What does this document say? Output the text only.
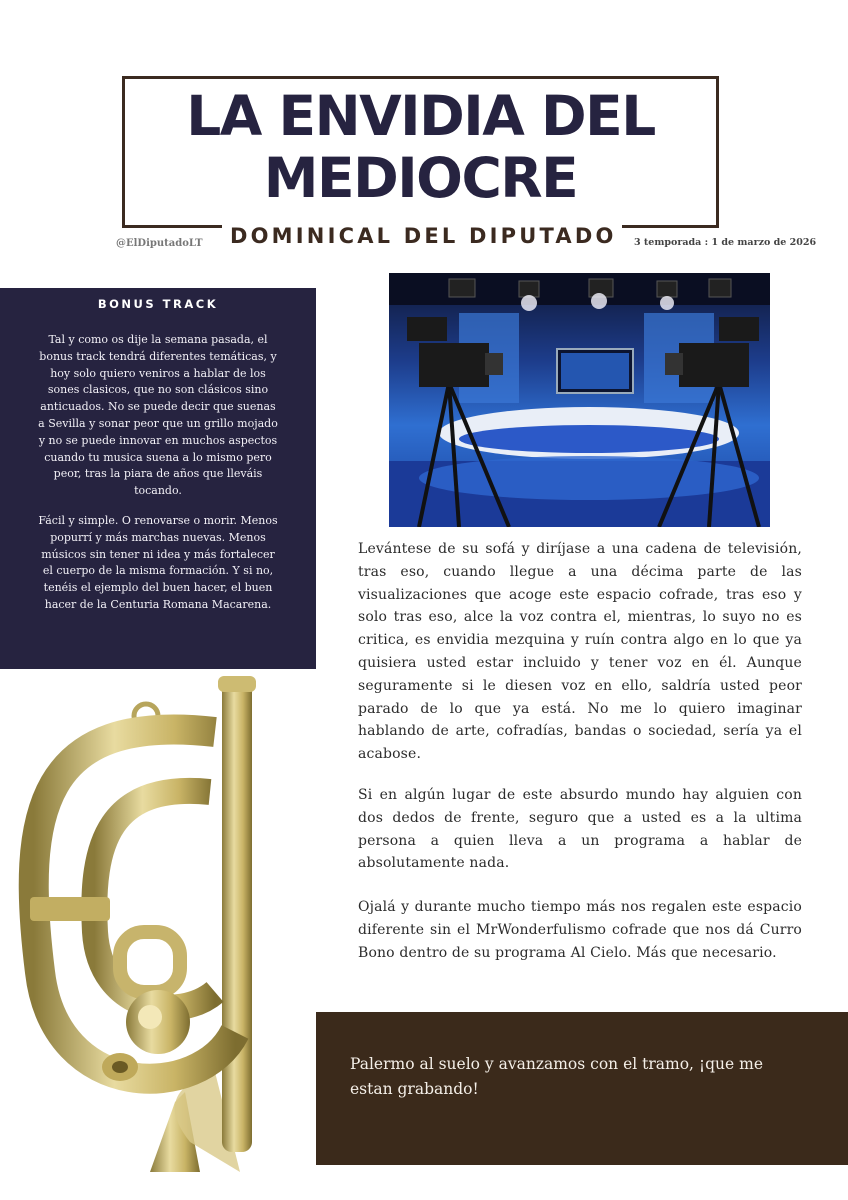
LA ENVIDIA DEL
MEDIOCRE

DOMINICAL DEL DIPUTADO

@ElDiputadoLT	3 temporada : 1 de marzo de 2026
BONUS TRACK

Tal y como os dije la semana pasada, el bonus track tendrá diferentes temáticas, y hoy solo quiero veniros a hablar de los sones clasicos, que no son clásicos sino anticuados. No se puede decir que suenas a Sevilla y sonar peor que un grillo mojado y no se puede innovar en muchos aspectos cuando tu musica suena a lo mismo pero peor, tras la piara de años que lleváis tocando.

Fácil y simple. O renovarse o morir. Menos popurrí y más marchas nuevas. Menos músicos sin tener ni idea y más fortalecer el cuerpo de la misma formación. Y si no, tenéis el ejemplo del buen hacer, el buen hacer de la Centuria Romana Macarena.

Levántese de su sofá y diríjase a una cadena de televisión, tras eso, cuando llegue a una décima parte de las visualizaciones que acoge este espacio cofrade, tras eso y solo tras eso, alce la voz contra el, mientras, lo suyo no es critica, es envidia mezquina y ruín contra algo en lo que ya quisiera usted estar incluido y tener voz en él. Aunque seguramente si le diesen voz en ello, saldría usted peor parado de lo que ya está. No me lo quiero imaginar hablando de arte, cofradías, bandas o sociedad, sería ya el acabose.

Si en algún lugar de este absurdo mundo hay alguien con dos dedos de frente, seguro que a usted es a la ultima persona a quien lleva a un programa a hablar de absolutamente nada.

Ojalá y durante mucho tiempo más nos regalen este espacio diferente sin el MrWonderfulismo cofrade que nos dá Curro Bono dentro de su programa Al Cielo. Más que necesario.

Palermo al suelo y avanzamos con el tramo, ¡que me estan grabando!
